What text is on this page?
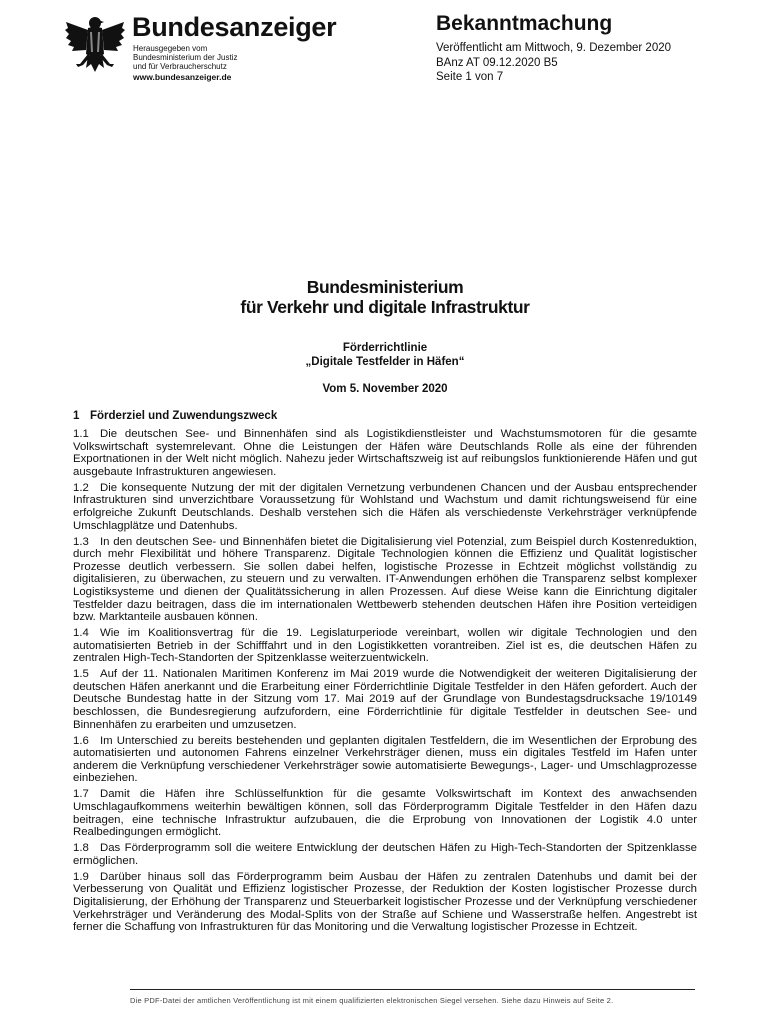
Bundesanzeiger
Herausgegeben vom
Bundesministerium der Justiz
und für Verbraucherschutz
www.bundesanzeiger.de
Bekanntmachung
Veröffentlicht am Mittwoch, 9. Dezember 2020
BAnz AT 09.12.2020 B5
Seite 1 von 7
Bundesministerium
für Verkehr und digitale Infrastruktur
Förderrichtlinie
„Digitale Testfelder in Häfen“
Vom 5. November 2020
1 Förderziel und Zuwendungszweck

1.1 Die deutschen See- und Binnenhäfen sind als Logistikdienstleister und Wachstumsmotoren für die gesamte Volkswirtschaft systemrelevant. Ohne die Leistungen der Häfen wäre Deutschlands Rolle als eine der führenden Exportnationen in der Welt nicht möglich. Nahezu jeder Wirtschaftszweig ist auf reibungslos funktionierende Häfen und gut ausgebaute Infrastrukturen angewiesen.

1.2 Die konsequente Nutzung der mit der digitalen Vernetzung verbundenen Chancen und der Ausbau entsprechender Infrastrukturen sind unverzichtbare Voraussetzung für Wohlstand und Wachstum und damit richtungsweisend für eine erfolgreiche Zukunft Deutschlands. Deshalb verstehen sich die Häfen als verschiedenste Verkehrsträger verknüpfende Umschlagplätze und Datenhubs.

1.3 In den deutschen See- und Binnenhäfen bietet die Digitalisierung viel Potenzial, zum Beispiel durch Kostenreduktion, durch mehr Flexibilität und höhere Transparenz. Digitale Technologien können die Effizienz und Qualität logistischer Prozesse deutlich verbessern. Sie sollen dabei helfen, logistische Prozesse in Echtzeit möglichst vollständig zu digitalisieren, zu überwachen, zu steuern und zu verwalten. IT-Anwendungen erhöhen die Transparenz selbst komplexer Logistiksysteme und dienen der Qualitätssicherung in allen Prozessen. Auf diese Weise kann die Einrichtung digitaler Testfelder dazu beitragen, dass die im internationalen Wettbewerb stehenden deutschen Häfen ihre Position verteidigen bzw. Marktanteile ausbauen können.

1.4 Wie im Koalitionsvertrag für die 19. Legislaturperiode vereinbart, wollen wir digitale Technologien und den automatisierten Betrieb in der Schifffahrt und in den Logistikketten vorantreiben. Ziel ist es, die deutschen Häfen zu zentralen High-Tech-Standorten der Spitzenklasse weiterzuentwickeln.

1.5 Auf der 11. Nationalen Maritimen Konferenz im Mai 2019 wurde die Notwendigkeit der weiteren Digitalisierung der deutschen Häfen anerkannt und die Erarbeitung einer Förderrichtlinie Digitale Testfelder in den Häfen gefordert. Auch der Deutsche Bundestag hatte in der Sitzung vom 17. Mai 2019 auf der Grundlage von Bundestagsdrucksache 19/10149 beschlossen, die Bundesregierung aufzufordern, eine Förderrichtlinie für digitale Testfelder in deutschen See- und Binnenhäfen zu erarbeiten und umzusetzen.

1.6 Im Unterschied zu bereits bestehenden und geplanten digitalen Testfeldern, die im Wesentlichen der Erprobung des automatisierten und autonomen Fahrens einzelner Verkehrsträger dienen, muss ein digitales Testfeld im Hafen unter anderem die Verknüpfung verschiedener Verkehrsträger sowie automatisierte Bewegungs-, Lager- und Umschlagprozesse einbeziehen.

1.7 Damit die Häfen ihre Schlüsselfunktion für die gesamte Volkswirtschaft im Kontext des anwachsenden Umschlagaufkommens weiterhin bewältigen können, soll das Förderprogramm Digitale Testfelder in den Häfen dazu beitragen, eine technische Infrastruktur aufzubauen, die die Erprobung von Innovationen der Logistik 4.0 unter Realbedingungen ermöglicht.

1.8 Das Förderprogramm soll die weitere Entwicklung der deutschen Häfen zu High-Tech-Standorten der Spitzenklasse ermöglichen.

1.9 Darüber hinaus soll das Förderprogramm beim Ausbau der Häfen zu zentralen Datenhubs und damit bei der Verbesserung von Qualität und Effizienz logistischer Prozesse, der Reduktion der Kosten logistischer Prozesse durch Digitalisierung, der Erhöhung der Transparenz und Steuerbarkeit logistischer Prozesse und der Verknüpfung verschiedener Verkehrsträger und Veränderung des Modal-Splits von der Straße auf Schiene und Wasserstraße helfen. Angestrebt ist ferner die Schaffung von Infrastrukturen für das Monitoring und die Verwaltung logistischer Prozesse in Echtzeit.

Die PDF-Datei der amtlichen Veröffentlichung ist mit einem qualifizierten elektronischen Siegel versehen. Siehe dazu Hinweis auf Seite 2.
